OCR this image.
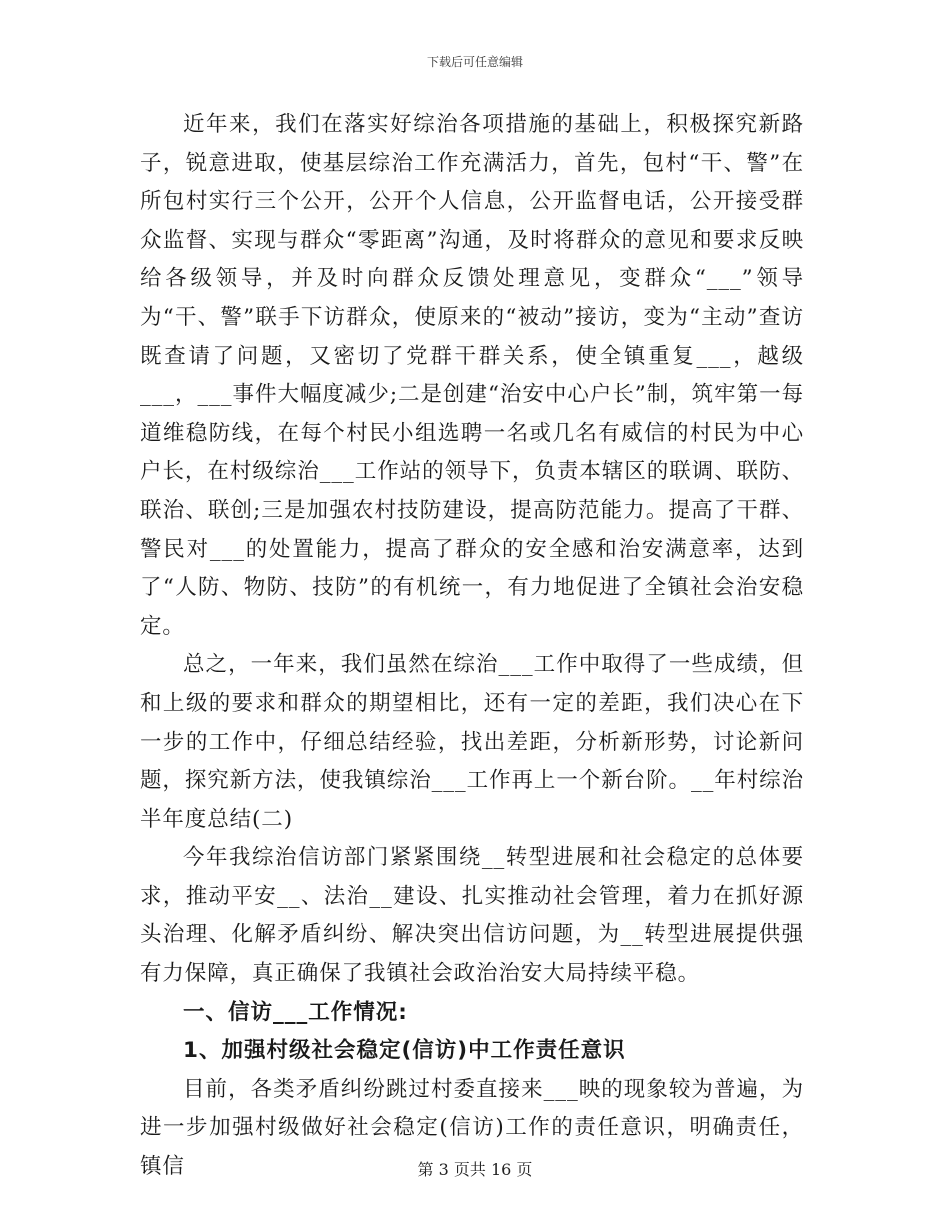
下载后可任意编辑

近年来，我们在落实好综治各项措施的基础上，积极探究新路子，锐意进取，使基层综治工作充满活力，首先，包村“干、警”在所包村实行三个公开，公开个人信息，公开监督电话，公开接受群众监督、实现与群众“零距离”沟通，及时将群众的意见和要求反映给各级领导，并及时向群众反馈处理意见，变群众“___”领导为“干、警”联手下访群众，使原来的“被动”接访，变为“主动”查访既查请了问题，又密切了党群干群关系，使全镇重复___，越级___，___事件大幅度减少;二是创建“治安中心户长”制，筑牢第一每道维稳防线，在每个村民小组选聘一名或几名有威信的村民为中心户长，在村级综治___工作站的领导下，负责本辖区的联调、联防、联治、联创;三是加强农村技防建设，提高防范能力。提高了干群、警民对___的处置能力，提高了群众的安全感和治安满意率，达到了“人防、物防、技防”的有机统一，有力地促进了全镇社会治安稳定。

总之，一年来，我们虽然在综治___工作中取得了一些成绩，但和上级的要求和群众的期望相比，还有一定的差距，我们决心在下一步的工作中，仔细总结经验，找出差距，分析新形势，讨论新问题，探究新方法，使我镇综治___工作再上一个新台阶。__年村综治半年度总结(二)

今年我综治信访部门紧紧围绕__转型进展和社会稳定的总体要求，推动平安__、法治__建设、扎实推动社会管理，着力在抓好源头治理、化解矛盾纠纷、解决突出信访问题，为__转型进展提供强有力保障，真正确保了我镇社会政治治安大局持续平稳。

一、信访___工作情况:

1、加强村级社会稳定(信访)中工作责任意识

目前，各类矛盾纠纷跳过村委直接来___映的现象较为普遍，为进一步加强村级做好社会稳定(信访)工作的责任意识，明确责任，镇信	第 3 页共 16 页
